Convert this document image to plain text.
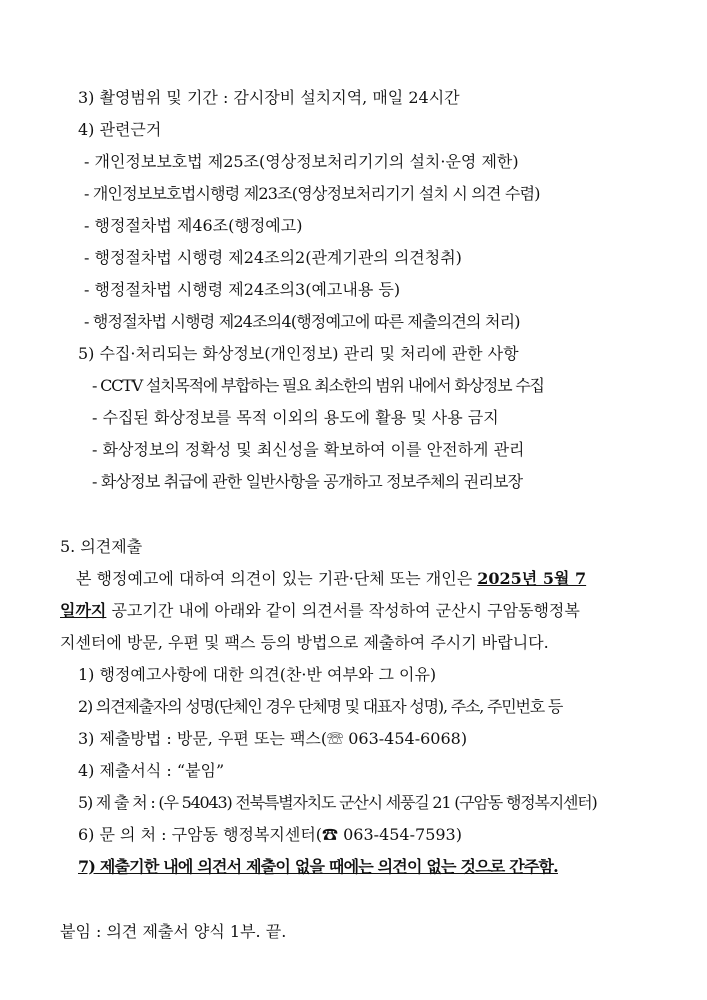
3) 촬영범위 및 기간 : 감시장비 설치지역, 매일 24시간
4) 관련근거
- 개인정보보호법 제25조(영상정보처리기기의 설치·운영 제한)
- 개인정보보호법시행령 제23조(영상정보처리기기 설치 시 의견 수렴)
- 행정절차법 제46조(행정예고)
- 행정절차법 시행령 제24조의2(관계기관의 의견청취)
- 행정절차법 시행령 제24조의3(예고내용 등)
- 행정절차법 시행령 제24조의4(행정예고에 따른 제출의견의 처리)
5) 수집·처리되는 화상정보(개인정보) 관리 및 처리에 관한 사항
- CCTV 설치목적에 부합하는 필요 최소한의 범위 내에서 화상정보 수집
- 수집된 화상정보를 목적 이외의 용도에 활용 및 사용 금지
- 화상정보의 정확성 및 최신성을 확보하여 이를 안전하게 관리
- 화상정보 취급에 관한 일반사항을 공개하고 정보주체의 권리보장
5. 의견제출
본 행정예고에 대하여 의견이 있는 기관·단체 또는 개인은 2025년 5월 7
일까지 공고기간 내에 아래와 같이 의견서를 작성하여 군산시 구암동행정복
지센터에 방문, 우편 및 팩스 등의 방법으로 제출하여 주시기 바랍니다.
1) 행정예고사항에 대한 의견(찬·반 여부와 그 이유)
2) 의견제출자의 성명(단체인 경우 단체명 및 대표자 성명), 주소, 주민번호 등
3) 제출방법 : 방문, 우편 또는 팩스(☏ 063-454-6068)
4) 제출서식 : “붙임”
5) 제 출 처 : (우 54043) 전북특별자치도 군산시 세풍길 21 (구암동 행정복지센터)
6) 문 의 처 : 구암동 행정복지센터(☎ 063-454-7593)
7) 제출기한 내에 의견서 제출이 없을 때에는 의견이 없는 것으로 간주함.
붙임 : 의견 제출서 양식 1부. 끝.
